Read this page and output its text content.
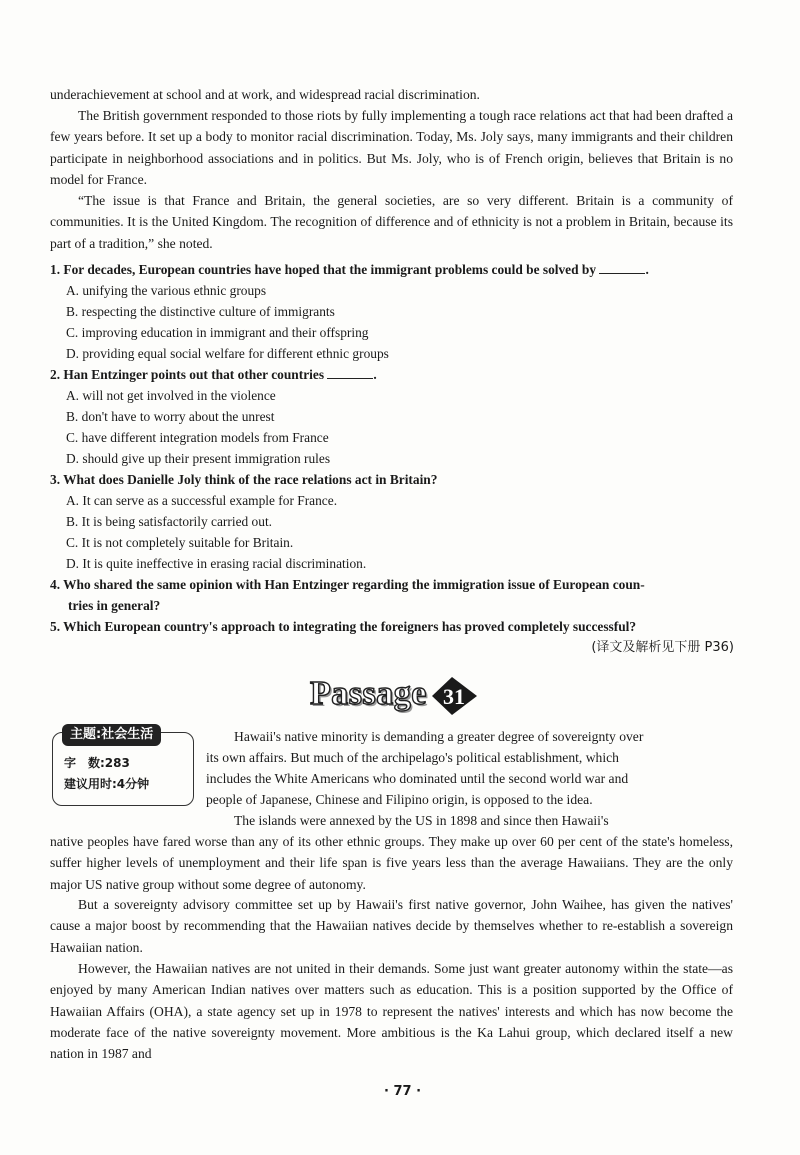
underachievement at school and at work, and widespread racial discrimination.
The British government responded to those riots by fully implementing a tough race relations act that had been drafted a few years before. It set up a body to monitor racial discrimination. Today, Ms. Joly says, many immigrants and their children participate in neighborhood associations and in politics. But Ms. Joly, who is of French origin, believes that Britain is no model for France.
“The issue is that France and Britain, the general societies, are so very different. Britain is a community of communities. It is the United Kingdom. The recognition of difference and of ethnicity is not a problem in Britain, because its part of a tradition,” she noted.
1. For decades, European countries have hoped that the immigrant problems could be solved by	.
A. unifying the various ethnic groups
B. respecting the distinctive culture of immigrants
C. improving education in immigrant and their offspring
D. providing equal social welfare for different ethnic groups
2. Han Entzinger points out that other countries	.
A. will not get involved in the violence
B. don't have to worry about the unrest
C. have different integration models from France
D. should give up their present immigration rules
3. What does Danielle Joly think of the race relations act in Britain?
A. It can serve as a successful example for France.
B. It is being satisfactorily carried out.
C. It is not completely suitable for Britain.
D. It is quite ineffective in erasing racial discrimination.
4. Who shared the same opinion with Han Entzinger regarding the immigration issue of European coun-
tries in general?
5. Which European country's approach to integrating the foreigners has proved completely successful?
(译文及解析见下册 P36)
Passage 31
主题:社会生活
字　数:283
建议用时:4分钟
Hawaii's native minority is demanding a greater degree of sovereignty over
its own affairs. But much of the archipelago's political establishment, which
includes the White Americans who dominated until the second world war and
people of Japanese, Chinese and Filipino origin, is opposed to the idea.
The islands were annexed by the US in 1898 and since then Hawaii's
native peoples have fared worse than any of its other ethnic groups. They make up over 60 per cent of the state's homeless, suffer higher levels of unemployment and their life span is five years less than the average Hawaiians. They are the only major US native group without some degree of autonomy.
But a sovereignty advisory committee set up by Hawaii's first native governor, John Waihee, has given the natives' cause a major boost by recommending that the Hawaiian natives decide by themselves whether to re-establish a sovereign Hawaiian nation.
However, the Hawaiian natives are not united in their demands. Some just want greater autonomy within the state—as enjoyed by many American Indian natives over matters such as education. This is a position supported by the Office of Hawaiian Affairs (OHA), a state agency set up in 1978 to represent the natives' interests and which has now become the moderate face of the native sovereignty movement. More ambitious is the Ka Lahui group, which declared itself a new nation in 1987 and
· 77 ·
